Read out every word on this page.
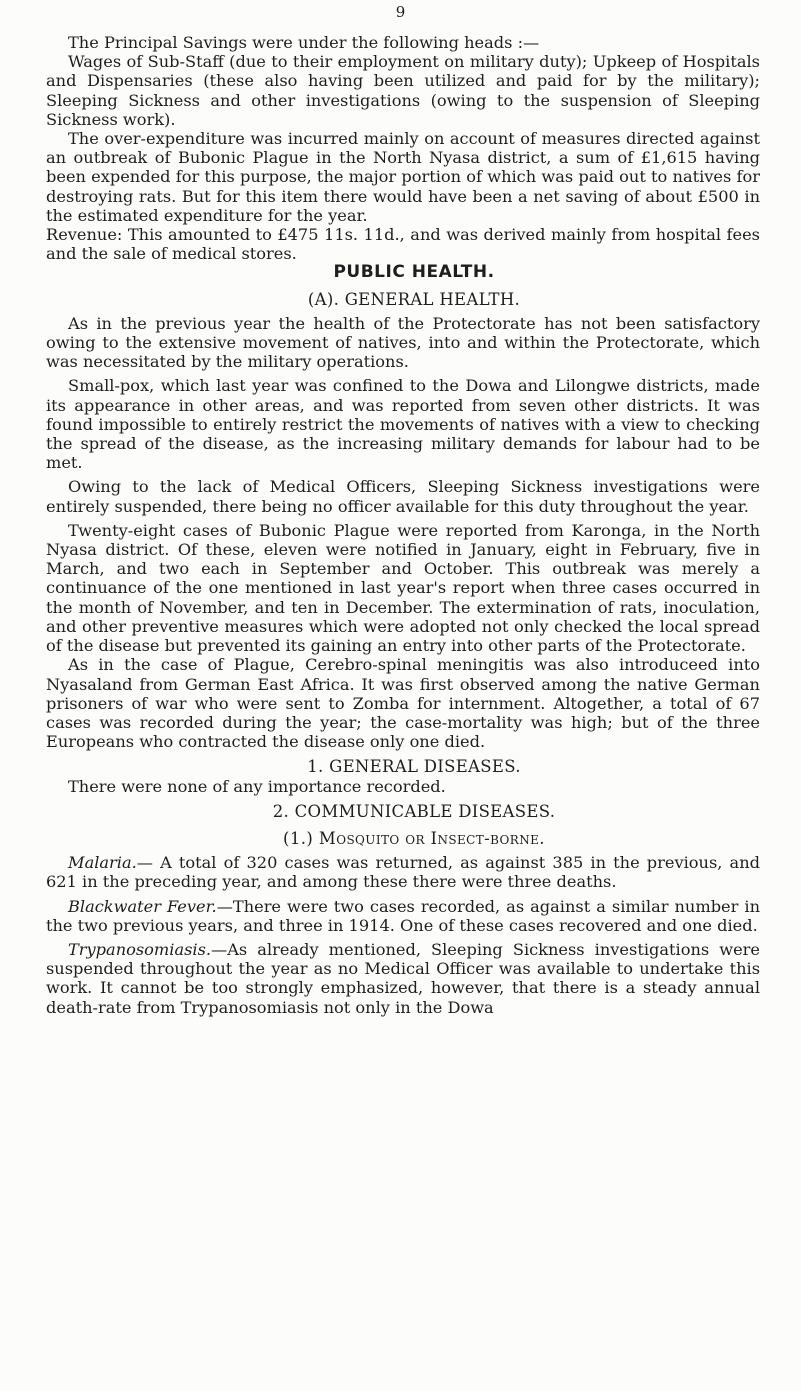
9

The Principal Savings were under the following heads :—

Wages of Sub-Staff (due to their employment on military duty); Upkeep of Hospitals and Dispensaries (these also having been utilized and paid for by the military); Sleeping Sickness and other investigations (owing to the suspension of Sleeping Sickness work).

The over-expenditure was incurred mainly on account of measures directed against an outbreak of Bubonic Plague in the North Nyasa district, a sum of £1,615 having been expended for this purpose, the major portion of which was paid out to natives for destroying rats. But for this item there would have been a net saving of about £500 in the estimated expenditure for the year.

Revenue: This amounted to £475 11s. 11d., and was derived mainly from hospital fees and the sale of medical stores.

PUBLIC HEALTH.

(A). GENERAL HEALTH.

As in the previous year the health of the Protectorate has not been satisfactory owing to the extensive movement of natives, into and within the Protectorate, which was necessitated by the military operations.

Small-pox, which last year was confined to the Dowa and Lilongwe districts, made its appearance in other areas, and was reported from seven other districts. It was found impossible to entirely restrict the movements of natives with a view to checking the spread of the disease, as the increasing military demands for labour had to be met.

Owing to the lack of Medical Officers, Sleeping Sickness investigations were entirely suspended, there being no officer available for this duty throughout the year.

Twenty-eight cases of Bubonic Plague were reported from Karonga, in the North Nyasa district. Of these, eleven were notified in January, eight in February, five in March, and two each in September and October. This outbreak was merely a continuance of the one mentioned in last year's report when three cases occurred in the month of November, and ten in December. The extermination of rats, inoculation, and other preventive measures which were adopted not only checked the local spread of the disease but prevented its gaining an entry into other parts of the Protectorate.

As in the case of Plague, Cerebro-spinal meningitis was also introduceed into Nyasaland from German East Africa. It was first observed among the native German prisoners of war who were sent to Zomba for internment. Altogether, a total of 67 cases was recorded during the year; the case-mortality was high; but of the three Europeans who contracted the disease only one died.

1. GENERAL DISEASES.

There were none of any importance recorded.

2. COMMUNICABLE DISEASES.

(1.) Mosquito or Insect-borne.

Malaria.— A total of 320 cases was returned, as against 385 in the previous, and 621 in the preceding year, and among these there were three deaths.

Blackwater Fever.—There were two cases recorded, as against a similar number in the two previous years, and three in 1914. One of these cases recovered and one died.

Trypanosomiasis.—As already mentioned, Sleeping Sickness investigations were suspended throughout the year as no Medical Officer was available to undertake this work. It cannot be too strongly emphasized, however, that there is a steady annual death-rate from Trypanosomiasis not only in the Dowa
